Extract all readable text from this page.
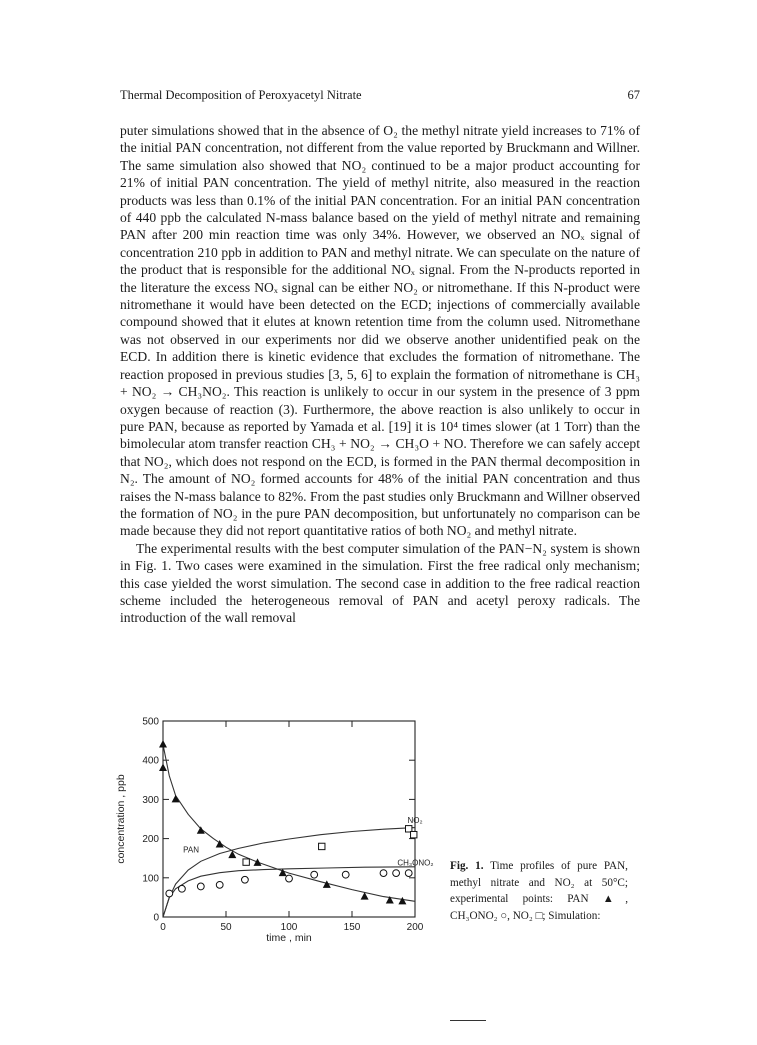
Thermal Decomposition of Peroxyacetyl Nitrate	67

puter simulations showed that in the absence of O₂ the methyl nitrate yield increases to 71% of the initial PAN concentration, not different from the value reported by Bruckmann and Willner. The same simulation also showed that NO₂ continued to be a major product accounting for 21% of initial PAN concentration. The yield of methyl nitrite, also measured in the reaction products was less than 0.1% of the initial PAN concentration. For an initial PAN concentration of 440 ppb the calculated N-mass balance based on the yield of methyl nitrate and remaining PAN after 200 min reaction time was only 34%. However, we observed an NOₓ signal of concentration 210 ppb in addition to PAN and methyl nitrate. We can speculate on the nature of the product that is responsible for the additional NOₓ signal. From the N-products reported in the literature the excess NOₓ signal can be either NO₂ or nitromethane. If this N-product were nitromethane it would have been detected on the ECD; injections of commercially available compound showed that it elutes at known retention time from the column used. Nitromethane was not observed in our experiments nor did we observe another unidentified peak on the ECD. In addition there is kinetic evidence that excludes the formation of nitromethane. The reaction proposed in previous studies [3, 5, 6] to explain the formation of nitromethane is CH₃ + NO₂ → CH₃NO₂. This reaction is unlikely to occur in our system in the presence of 3 ppm oxygen because of reaction (3). Furthermore, the above reaction is also unlikely to occur in pure PAN, because as reported by Yamada et al. [19] it is 10⁴ times slower (at 1 Torr) than the bimolecular atom transfer reaction CH₃ + NO₂ → CH₃O + NO. Therefore we can safely accept that NO₂, which does not respond on the ECD, is formed in the PAN thermal decomposition in N₂. The amount of NO₂ formed accounts for 48% of the initial PAN concentration and thus raises the N-mass balance to 82%. From the past studies only Bruckmann and Willner observed the formation of NO₂ in the pure PAN decomposition, but unfortunately no comparison can be made because they did not report quantitative ratios of both NO₂ and methyl nitrate.

The experimental results with the best computer simulation of the PAN−N₂ system is shown in Fig. 1. Two cases were examined in the simulation. First the free radical only mechanism; this case yielded the worst simulation. The second case in addition to the free radical reaction scheme included the heterogeneous removal of PAN and acetyl peroxy radicals. The introduction of the wall removal

0	50	100	150	200
0
100
200
300
400
500
time , min
concentration , ppb	PAN
CH₃ONO₂
NO₂
Fig. 1. Time profiles of pure PAN, methyl nitrate and NO₂ at 50°C; experimental points: PAN ▲, CH₃ONO₂ ○, NO₂ □; Simulation:
